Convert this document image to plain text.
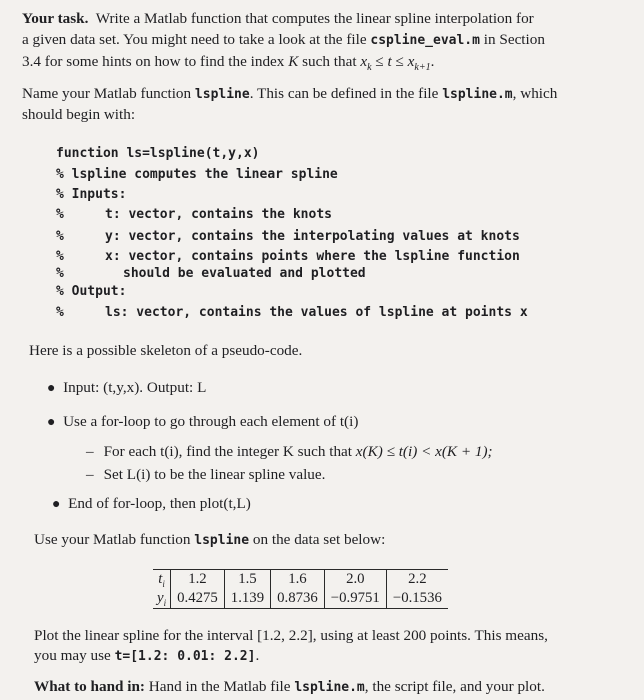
Your task. Write a Matlab function that computes the linear spline interpolation for
a given data set. You might need to take a look at the file cspline_eval.m in Section
3.4 for some hints on how to find the index K such that $x_k \le t \le x_{k+1}$.
Name your Matlab function lspline. This can be defined in the file lspline.m, which
should begin with:
function ls=lspline(t,y,x)
% lspline computes the linear spline
% Inputs:
%	t: vector, contains the knots
%	y: vector, contains the interpolating values at knots
%	x: vector, contains points where the lspline function
%	should be evaluated and plotted
% Output:
%	ls: vector, contains the values of lspline at points x
Here is a possible skeleton of a pseudo-code.
● Input: (t,y,x). Output: L
● Use a for-loop to go through each element of t(i)
– For each t(i), find the integer K such that x(K) ≤ t(i) < x(K + 1);
– Set L(i) to be the linear spline value.
● End of for-loop, then plot(t,L)
Use your Matlab function lspline on the data set below:
$t_i$	1.2	1.5	1.6	2.0	2.2
$y_i$	0.4275	1.139	0.8736	−0.9751	−0.1536
Plot the linear spline for the interval [1.2, 2.2], using at least 200 points. This means,
you may use t=[1.2: 0.01: 2.2].
What to hand in: Hand in the Matlab file lspline.m, the script file, and your plot.
